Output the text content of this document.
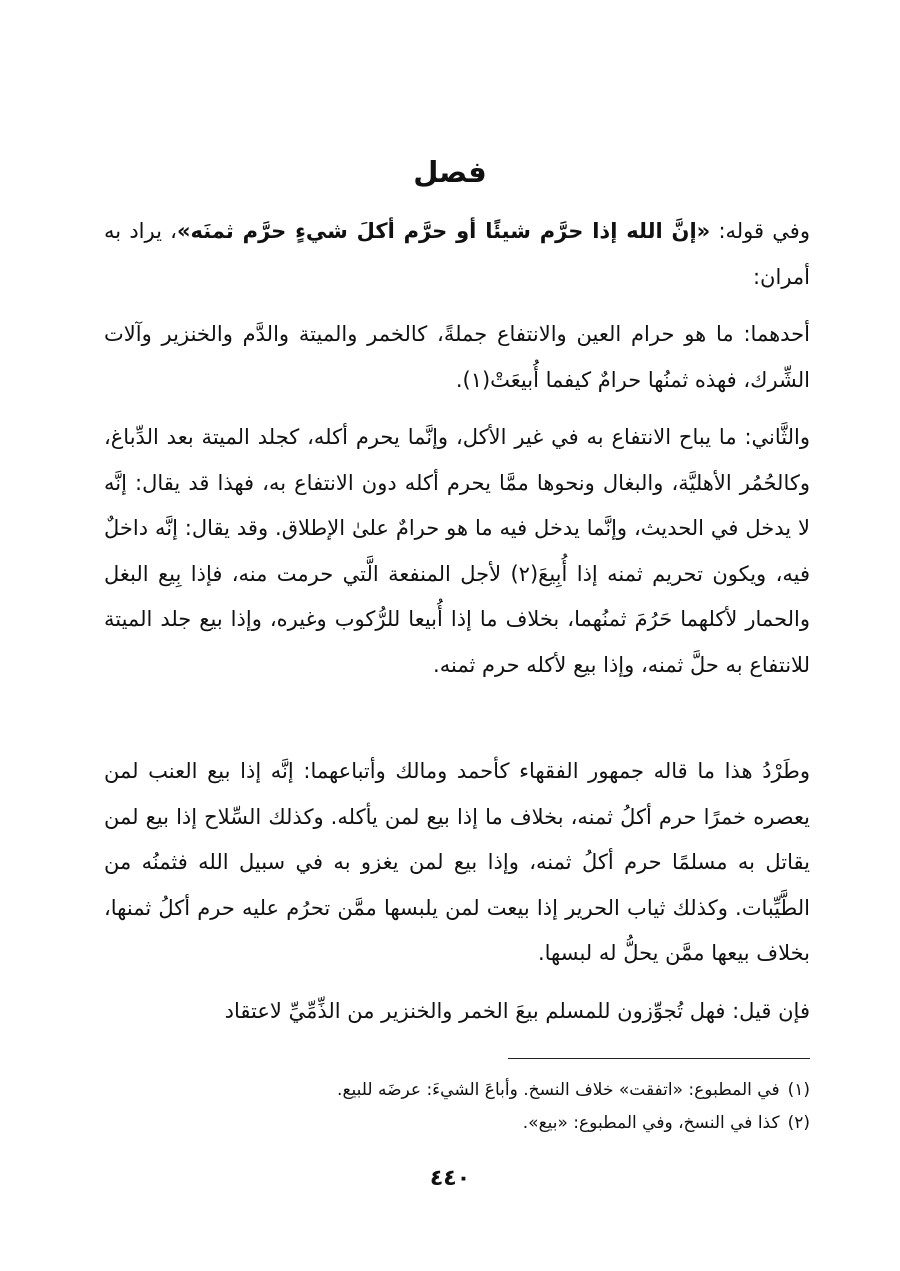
فصل

وفي قوله: «إنَّ الله إذا حرَّم شيئًا أو حرَّم أكلَ شيءٍ حرَّم ثمنَه»، يراد به أمران:

أحدهما: ما هو حرام العين والانتفاع جملةً، كالخمر والميتة والدَّم والخنزير وآلات الشِّرك، فهذه ثمنُها حرامٌ كيفما أُبيعَتْ(١).

والثَّاني: ما يباح الانتفاع به في غير الأكل، وإنَّما يحرم أكله، كجلد الميتة بعد الدِّباغ، وكالحُمُر الأهليَّة، والبغال ونحوها ممَّا يحرم أكله دون الانتفاع به، فهذا قد يقال: إنَّه لا يدخل في الحديث، وإنَّما يدخل فيه ما هو حرامٌ علىٰ الإطلاق. وقد يقال: إنَّه داخلٌ فيه، ويكون تحريم ثمنه إذا أُبِيعَ(٢) لأجل المنفعة الَّتي حرمت منه، فإذا بِيع البغل والحمار لأكلهما حَرُمَ ثمنُهما، بخلاف ما إذا أُبيعا للرُّكوب وغيره، وإذا بيع جلد الميتة للانتفاع به حلَّ ثمنه، وإذا بيع لأكله حرم ثمنه.

وطَرْدُ هذا ما قاله جمهور الفقهاء كأحمد ومالك وأتباعهما: إنَّه إذا بيع العنب لمن يعصره خمرًا حرم أكلُ ثمنه، بخلاف ما إذا بيع لمن يأكله. وكذلك السِّلاح إذا بيع لمن يقاتل به مسلمًا حرم أكلُ ثمنه، وإذا بيع لمن يغزو به في سبيل الله فثمنُه من الطَّيِّبات. وكذلك ثياب الحرير إذا بيعت لمن يلبسها ممَّن تحرُم عليه حرم أكلُ ثمنها، بخلاف بيعها ممَّن يحلُّ له لبسها.

فإن قيل: فهل تُجوِّزون للمسلم بيعَ الخمر والخنزير من الذِّمِّيِّ لاعتقاد

(١)في المطبوع: «اتفقت» خلاف النسخ. وأباعَ الشيءَ: عرضَه للبيع.

(٢)كذا في النسخ، وفي المطبوع: «بيع».

٤٤٠
